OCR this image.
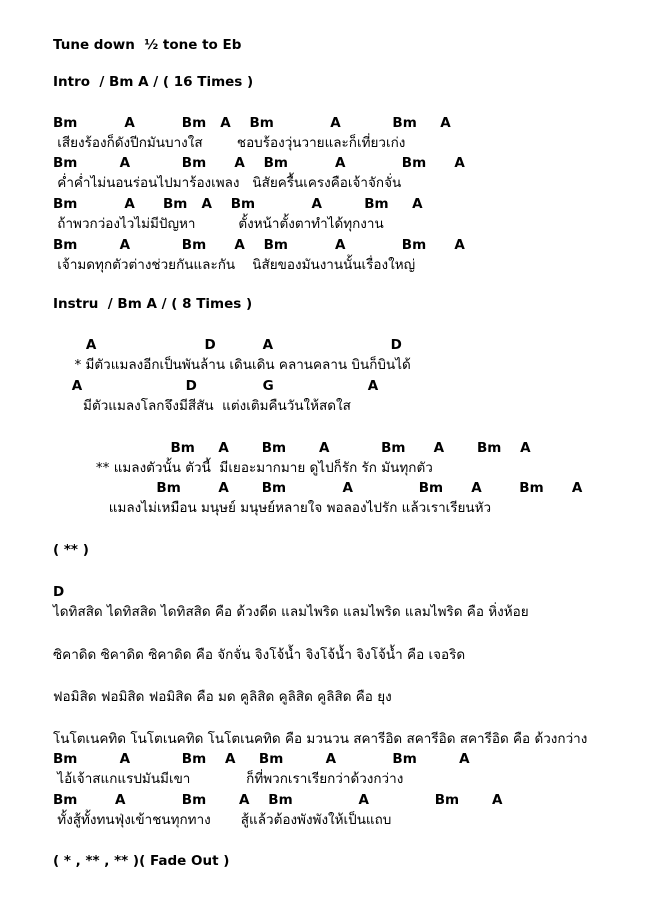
Tune down  ½ tone to Eb
Intro  / Bm A / ( 16 Times )
Bm          A          Bm   A    Bm            A           Bm     A
เสียงร้องก็ดังปีกมันบางใส        ชอบร้องวุ่นวายและก็เที่ยวเก่ง
Bm         A           Bm      A    Bm          A            Bm      A
ค่ำค่ำไม่นอนร่อนไปมาร้องเพลง   นิสัยครื้นเครงคือเจ้าจักจั่น
Bm          A      Bm   A    Bm            A         Bm     A
ถ้าพวกว่องไวไม่มีปัญหา          ตั้งหน้าตั้งตาทำได้ทุกงาน
Bm         A           Bm      A    Bm          A            Bm      A
เจ้ามดทุกตัวต่างช่วยกันและกัน    นิสัยของมันงานนั้นเรื่องใหญ่
Instru  / Bm A / ( 8 Times )
A                       D          A                         D
* มีตัวแมลงอีกเป็นพันล้าน เดินเดิน คลานคลาน บินก็บินได้
A                      D              G                    A
มีตัวแมลงโลกจึงมีสีสัน  แต่งเติมคืนวันให้สดใส
Bm     A       Bm       A           Bm      A       Bm    A
** แมลงตัวนั้น ตัวนี้  มีเยอะมากมาย ดูไปก็รัก รัก มันทุกตัว
Bm        A       Bm            A              Bm      A        Bm      A
แมลงไม่เหมือน มนุษย์ มนุษย์หลายใจ พอลองไปรัก แล้วเราเรียนหัว
( ** )
D
ไดทิสสิด ไดทิสสิด ไดทิสสิด คือ ด้วงดีด แลมไพริด แลมไพริด แลมไพริด คือ หิ่งห้อย
ซิคาดิด ซิคาดิด ซิคาดิด คือ จักจั่น จิงโจ้น้ำ จิงโจ้น้ำ จิงโจ้น้ำ คือ เจอริด
ฟอมิสิด ฟอมิสิด ฟอมิสิด คือ มด คูลิสิด คูลิสิด คูลิสิด คือ ยุง
โนโตเนคทิด โนโตเนคทิด โนโตเนคทิด คือ มวนวน สคารีอิด สคารีอิด สคารีอิด คือ ด้วงกว่าง
Bm         A           Bm    A     Bm         A            Bm         A
ไอ้เจ้าสแกแรปมันมีเขา             ก็ที่พวกเราเรียกว่าด้วงกว่าง
Bm        A            Bm       A    Bm              A              Bm       A
ทั้งสู้ทั้งทนฟุ่งเข้าชนทุกทาง       สู้แล้วต้องพังพังให้เป็นแถบ
( * , ** , ** )( Fade Out )
